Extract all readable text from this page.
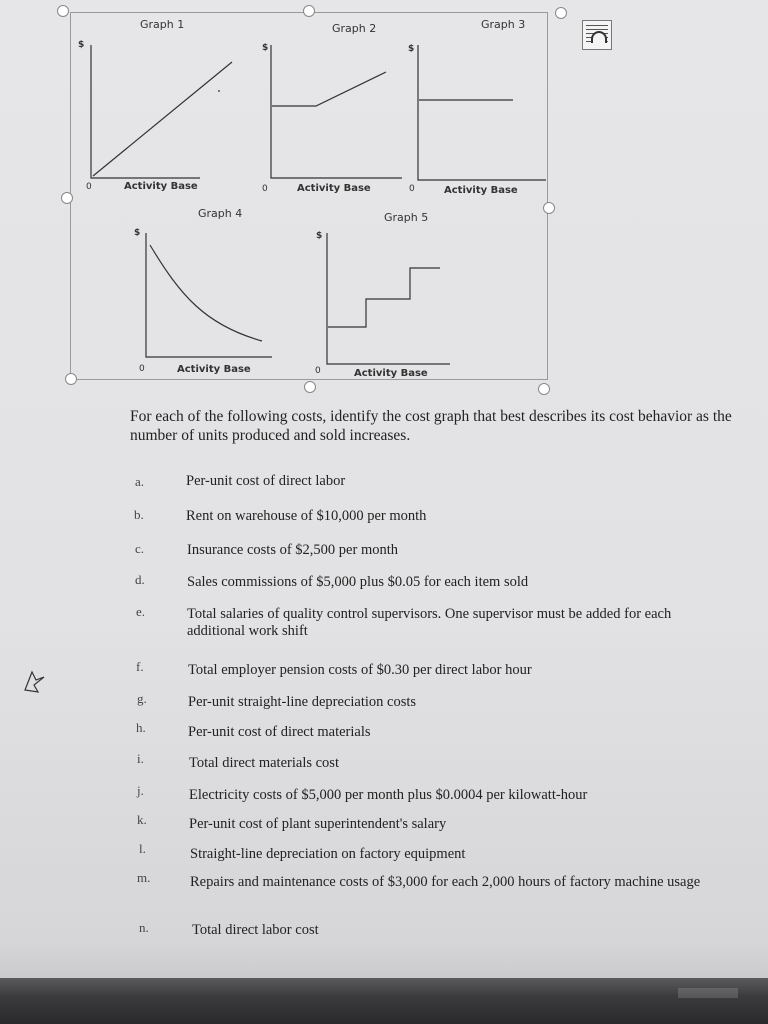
Graph 1	Graph 2	Graph 3
Graph 4	Graph 5
$	$	$
$	$
0	0	0
0	0
Activity Base	Activity Base	Activity Base
Activity Base	Activity Base

For each of the following costs, identify the cost graph that best describes its cost behavior as the number of units produced and sold increases.

a.	Per-unit cost of direct labor
b.	Rent on warehouse of $10,000 per month
c.	Insurance costs of $2,500 per month
d.	Sales commissions of $5,000 plus $0.05 for each item sold
e.	Total salaries of quality control supervisors. One supervisor must be added for each additional work shift
f.	Total employer pension costs of $0.30 per direct labor hour
g.	Per-unit straight-line depreciation costs
h.	Per-unit cost of direct materials
i.	Total direct materials cost
j.	Electricity costs of $5,000 per month plus $0.0004 per kilowatt-hour
k.	Per-unit cost of plant superintendent's salary
l.	Straight-line depreciation on factory equipment
m.	Repairs and maintenance costs of $3,000 for each 2,000 hours of factory machine usage
n.	Total direct labor cost
